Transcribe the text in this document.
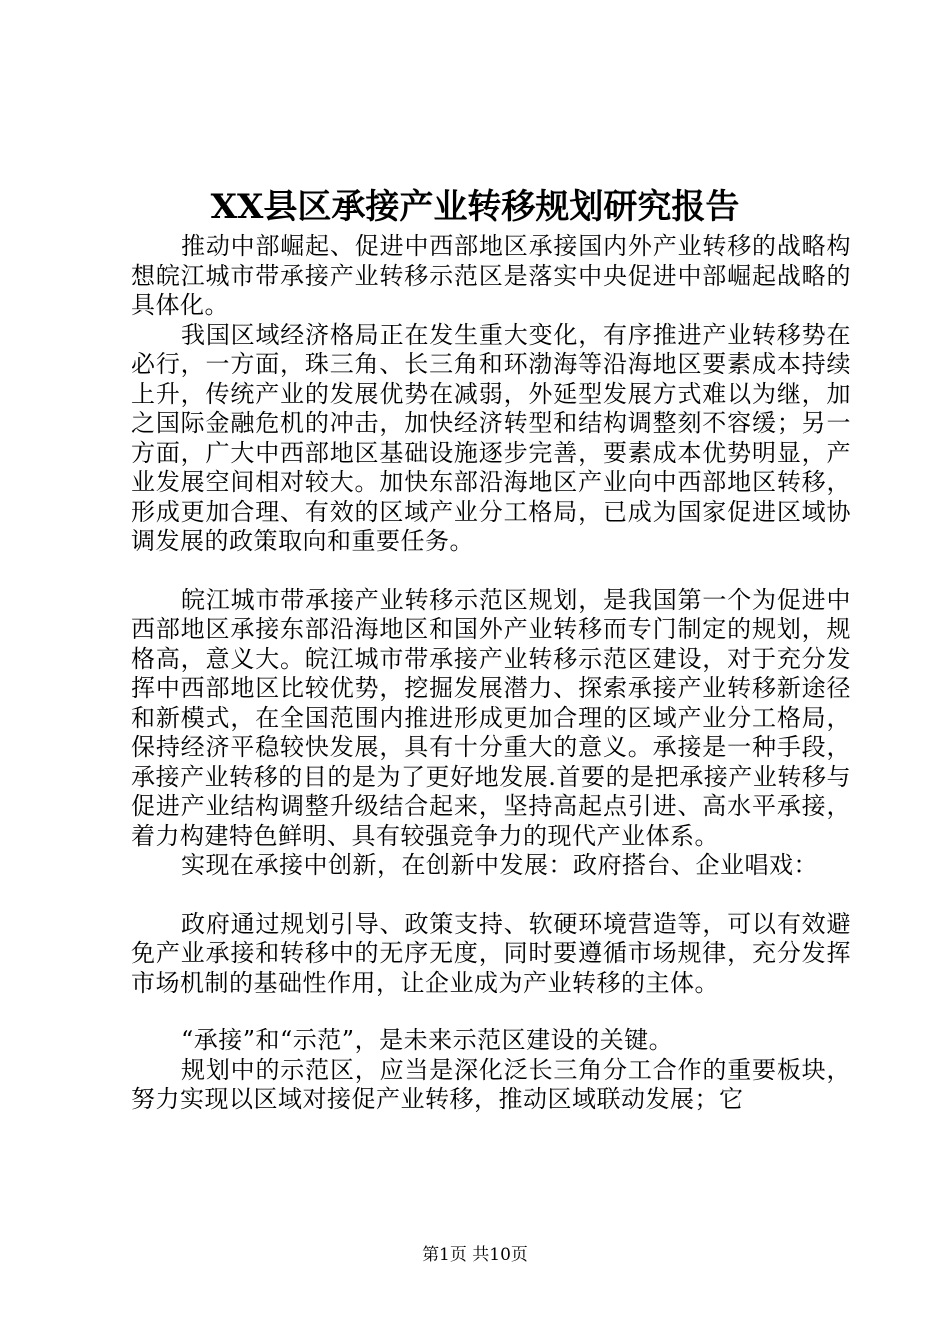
XX县区承接产业转移规划研究报告

推动中部崛起、促进中西部地区承接国内外产业转移的战略构想皖江城市带承接产业转移示范区是落实中央促进中部崛起战略的具体化。

我国区域经济格局正在发生重大变化，有序推进产业转移势在必行，一方面，珠三角、长三角和环渤海等沿海地区要素成本持续上升，传统产业的发展优势在减弱，外延型发展方式难以为继，加之国际金融危机的冲击，加快经济转型和结构调整刻不容缓；另一方面，广大中西部地区基础设施逐步完善，要素成本优势明显，产业发展空间相对较大。加快东部沿海地区产业向中西部地区转移，形成更加合理、有效的区域产业分工格局，已成为国家促进区域协调发展的政策取向和重要任务。

皖江城市带承接产业转移示范区规划，是我国第一个为促进中西部地区承接东部沿海地区和国外产业转移而专门制定的规划，规格高，意义大。皖江城市带承接产业转移示范区建设，对于充分发挥中西部地区比较优势，挖掘发展潜力、探索承接产业转移新途径和新模式，在全国范围内推进形成更加合理的区域产业分工格局，保持经济平稳较快发展，具有十分重大的意义。承接是一种手段，承接产业转移的目的是为了更好地发展.首要的是把承接产业转移与促进产业结构调整升级结合起来，坚持高起点引进、高水平承接，着力构建特色鲜明、具有较强竞争力的现代产业体系。

实现在承接中创新，在创新中发展：政府搭台、企业唱戏：

政府通过规划引导、政策支持、软硬环境营造等，可以有效避免产业承接和转移中的无序无度，同时要遵循市场规律，充分发挥市场机制的基础性作用，让企业成为产业转移的主体。

“承接”和“示范”，是未来示范区建设的关键。

规划中的示范区，应当是深化泛长三角分工合作的重要板块，努力实现以区域对接促产业转移，推动区域联动发展；它

第1页 共10页
